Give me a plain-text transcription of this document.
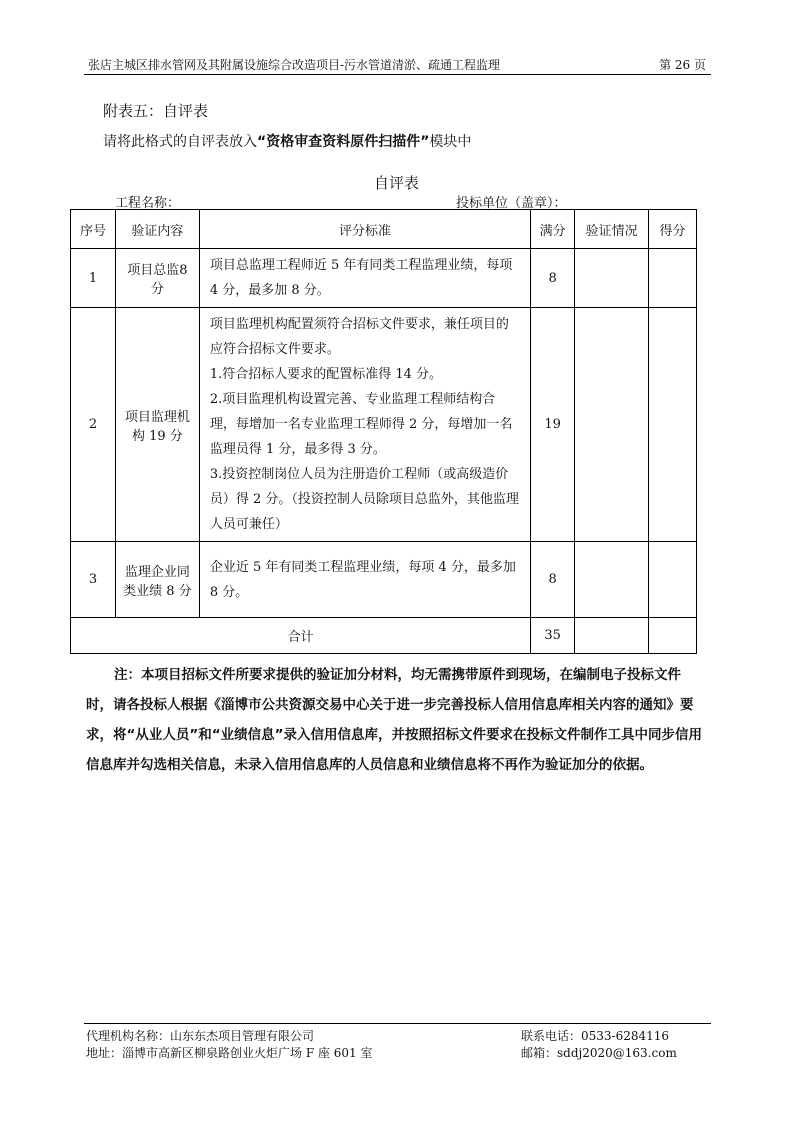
张店主城区排水管网及其附属设施综合改造项目-污水管道清淤、疏通工程监理	第 26 页
附表五：自评表
请将此格式的自评表放入“资格审查资料原件扫描件”模块中
自评表
工程名称：	投标单位（盖章）：
序号	验证内容	评分标准	满分	验证情况	得分
1	项目总监8分	项目总监理工程师近 5 年有同类工程监理业绩，每项 4 分，最多加 8 分。	8		
2	项目监理机构 19 分	项目监理机构配置须符合招标文件要求，兼任项目的应符合招标文件要求。
1.符合招标人要求的配置标准得 14 分。
2.项目监理机构设置完善、专业监理工程师结构合理，每增加一名专业监理工程师得 2 分，每增加一名监理员得 1 分，最多得 3 分。
3.投资控制岗位人员为注册造价工程师（或高级造价员）得 2 分。（投资控制人员除项目总监外，其他监理人员可兼任）	19		
3	监理企业同类业绩 8 分	企业近 5 年有同类工程监理业绩，每项 4 分，最多加 8 分。	8		
合计			35		
注：本项目招标文件所要求提供的验证加分材料，均无需携带原件到现场，在编制电子投标文件时，请各投标人根据《淄博市公共资源交易中心关于进一步完善投标人信用信息库相关内容的通知》要求，将“从业人员”和“业绩信息”录入信用信息库，并按照招标文件要求在投标文件制作工具中同步信用信息库并勾选相关信息，未录入信用信息库的人员信息和业绩信息将不再作为验证加分的依据。
代理机构名称：山东东杰项目管理有限公司	联系电话：0533-6284116
地址：淄博市高新区柳泉路创业火炬广场 F 座 601 室	邮箱：sddj2020@163.com
